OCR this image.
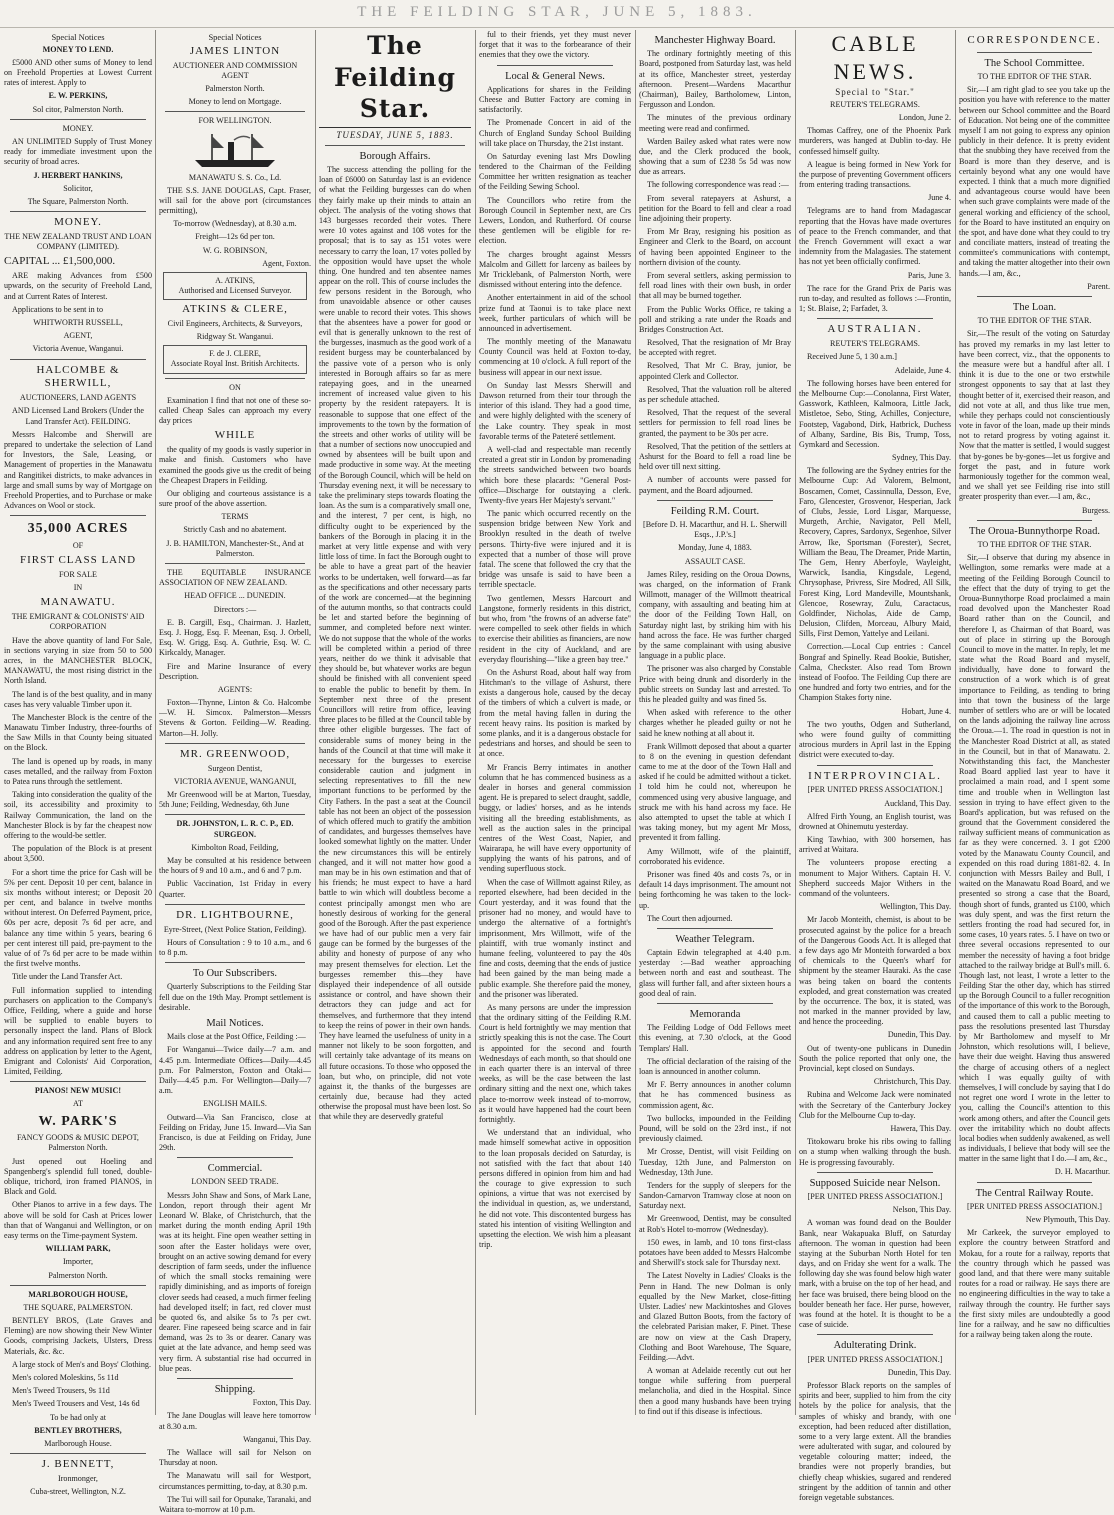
THE FEILDING STAR, JUNE 5, 1883.
Special Notices

MONEY TO LEND.

£5000 AND other sums of Money to lend on Freehold Properties at Lowest Current rates of interest. Apply to

E. W. PERKINS,

Sol citor, Palmerston North.

MONEY.

AN UNLIMITED Supply of Trust Money ready for immediate investment upon the security of broad acres.

J. HERBERT HANKINS,

Solicitor,

The Square, Palmerston North.

MONEY.

THE NEW ZEALAND TRUST AND LOAN COMPANY (LIMITED).

CAPITAL ... £1,500,000.

ARE making Advances from £500 upwards, on the security of Freehold Land, and at Current Rates of Interest.

Applications to be sent in to

WHITWORTH RUSSELL,

AGENT,

Victoria Avenue, Wanganui.

HALCOMBE & SHERWILL,

AUCTIONEERS, LAND AGENTS

AND Licensed Land Brokers (Under the Land Transfer Act). FEILDING.

Messrs Halcombe and Sherwill are prepared to undertake the selection of Land for Investors, the Sale, Leasing, or Management of properties in the Manawatu and Rangitikei districts, to make advances in large and small sums by way of Mortgage on Freehold Properties, and to Purchase or make Advances on Wool or stock.

35,000 ACRES

OF

FIRST CLASS LAND

FOR SALE

IN

MANAWATU.

THE EMIGRANT & COLONISTS' AID CORPORATION

Have the above quantity of land For Sale, in sections varying in size from 50 to 500 acres, in the MANCHESTER BLOCK, MANAWATU, the most rising district in the North Island.

The land is of the best quality, and in many cases has very valuable Timber upon it.

The Manchester Block is the centre of the Manawatu Timber Industry, three-fourths of the Saw Mills in that County being situated on the Block.

The land is opened up by roads, in many cases metalled, and the railway from Foxton to Patea runs through the settlement.

Taking into consideration the quality of the soil, its accessibility and proximity to Railway Communication, the land on the Manchester Block is by far the cheapest now offering to the would-be settler.

The population of the Block is at present about 3,500.

For a short time the price for Cash will be 5% per cent. Deposit 10 per cent, balance in six months without interest; or Deposit 20 per cent, and balance in twelve months without interest. On Deferred Payment, price, 60s per acre, deposit 7s 6d per acre, and balance any time within 5 years, bearing 6 per cent interest till paid, pre-payment to the value of of 7s 6d per acre to be made within the first twelve months.

Title under the Land Transfer Act.

Full information supplied to intending purchasers on application to the Company's Office, Feilding, where a guide and horse will be supplied to enable buyers to personally inspect the land. Plans of Block and any information required sent free to any address on application by letter to the Agent, Emigrant and Colonists' Aid Corporation, Limited, Feilding.

PIANOS! NEW MUSIC!

AT

W. PARK'S

FANCY GOODS & MUSIC DEPOT, Palmerston North.

Just opened out Hoeling and Spangenberg's splendid full toned, double-oblique, trichord, iron framed PIANOS, in Black and Gold.

Other Pianos to arrive in a few days. The above will be sold for Cash at Prices lower than that of Wanganui and Wellington, or on easy terms on the Time-payment System.

WILLIAM PARK,

Importer,

Palmerston North.

MARLBOROUGH HOUSE,

THE SQUARE, PALMERSTON.

BENTLEY BROS, (Late Graves and Fleming) are now showing their New Winter Goods, comprising Jackets, Ulsters, Dress Materials, &c. &c.

A large stock of Men's and Boys' Clothing.

Men's colored Moleskins, 5s 11d

Men's Tweed Trousers, 9s 11d

Men's Tweed Trousers and Vest, 14s 6d

To be had only at

BENTLEY BROTHERS,

Marlborough House.

J. BENNETT,

Ironmonger,

Cuba-street, Wellington, N.Z.

Special Notices
JAMES LINTON

AUCTIONEER AND COMMISSION AGENT

Palmerston North.

Money to lend on Mortgage.

FOR WELLINGTON.

MANAWATU S. S. Co., Ld.

THE S.S. JANE DOUGLAS, Capt. Fraser, will sail for the above port (circumstances permitting),

To-morrow (Wednesday), at 8.30 a.m.

Freight—12s 6d per ton.

W. G. ROBINSON,

Agent, Foxton.

A. ATKINS,
Authorised and Licensed Surveyor.
ATKINS & CLERE,

Civil Engineers, Architects, & Surveyors,

Ridgway St. Wanganui.

F. de J. CLERE,
Associate Royal Inst. British Architects.

ON

Examination I find that not one of these so-called Cheap Sales can approach my every day prices

WHILE

the quality of my goods is vastly superior in make and finish. Customers who have examined the goods give us the credit of being the Cheapest Drapers in Feilding.

Our obliging and courteous assistance is a sure proof of the above assertion.

TERMS

Strictly Cash and no abatement.

J. B. HAMILTON, Manchester-St., And at Palmerston.

THE EQUITABLE INSURANCE ASSOCIATION OF NEW ZEALAND.

HEAD OFFICE ... DUNEDIN.

Directors :—

E. B. Cargill, Esq., Chairman. J. Hazlett, Esq. J. Hogg, Esq. F. Meenan, Esq. J. Orbell, Esq. W. Grigg, Esq. A. Guthrie, Esq. W. C. Kirkcaldy, Manager.

Fire and Marine Insurance of every Description.

AGENTS:

Foxton—Thynne, Linton & Co. Halcombe—W. H. Simcox. Palmerston—Messrs Stevens & Gorton. Feilding—W. Reading. Marton—H. Jolly.

MR. GREENWOOD,

Surgeon Dentist,

VICTORIA AVENUE, WANGANUI,

Mr Greenwood will be at Marton, Tuesday, 5th June; Feilding, Wednesday, 6th June

DR. JOHNSTON, L. R. C. P., ED. SURGEON.

Kimbolton Road, Feilding,

May be consulted at his residence between the hours of 9 and 10 a.m., and 6 and 7 p.m.

Public Vaccination, 1st Friday in every Quarter.

DR. LIGHTBOURNE,

Eyre-Street, (Next Police Station, Feilding).

Hours of Consultation : 9 to 10 a.m., and 6 to 8 p.m.

To Our Subscribers.

Quarterly Subscriptions to the Feilding Star fell due on the 19th May. Prompt settlement is desirable.

Mail Notices.

Mails close at the Post Office, Feilding :—

For Wanganui—Twice daily—7 a.m. and 4.45 p.m. Intermediate Offices—Daily—4.45 p.m. For Palmerston, Foxton and Otaki—Daily—4.45 p.m. For Wellington—Daily—7 a.m.

ENGLISH MAILS.

Outward—Via San Francisco, close at Feilding on Friday, June 15. Inward—Via San Francisco, is due at Feilding on Friday, June 29th.

Commercial.

LONDON SEED TRADE.

Messrs John Shaw and Sons, of Mark Lane, London, report through their agent Mr Leonard W. Blake, of Christchurch, that the market during the month ending April 19th was at its height. Fine open weather setting in soon after the Easter holidays were over, brought on an active sowing demand for every description of farm seeds, under the influence of which the small stocks remaining were rapidly diminishing, and as imports of foreign clover seeds had ceased, a much firmer feeling had developed itself; in fact, red clover must be quoted 6s, and alsike 5s to 7s per cwt. dearer. Fine rapeseed being scarce and in fair demand, was 2s to 3s or dearer. Canary was quiet at the late advance, and hemp seed was very firm. A substantial rise had occurred in blue peas.

Shipping.

Foxton, This Day.

The Jane Douglas will leave here tomorrow at 8.30 a.m.

Wanganui, This Day.

The Wallace will sail for Nelson on Thursday at noon.

The Manawatu will sail for Westport, circumstances permitting, to-day, at 8.30 p.m.

The Tui will sail for Opunake, Taranaki, and Waitara to-morrow at 10 p.m.

The Feilding Star.
TUESDAY, JUNE 5, 1883.
Borough Affairs.

The success attending the polling for the loan of £6000 on Saturday last is an evidence of what the Feilding burgesses can do when they fairly make up their minds to attain an object. The analysis of the voting shows that 143 burgesses recorded their votes. There were 10 votes against and 108 votes for the proposal; that is to say as 151 votes were necessary to carry the loan, 17 votes polled by the opposition would have upset the whole thing. One hundred and ten absentee names appear on the roll. This of course includes the few persons resident in the Borough, who from unavoidable absence or other causes were unable to record their votes. This shows that the absentees have a power for good or evil that is generally unknown to the rest of the burgesses, inasmuch as the good work of a resident burgess may be counterbalanced by the passive vote of a person who is only interested in Borough affairs so far as mere ratepaying goes, and in the unearned increment of increased value given to his property by the resident ratepayers. It is reasonable to suppose that one effect of the improvements to the town by the formation of the streets and other works of utility will be that a number of sections now unoccupied and owned by absentees will be built upon and made productive in some way. At the meeting of the Borough Council, which will be held on Thursday evening next, it will be necessary to take the preliminary steps towards floating the loan. As the sum is a comparatively small one, and the interest, 7 per cent, is high, no difficulty ought to be experienced by the bankers of the Borough in placing it in the market at very little expense and with very little loss of time. In fact the Borough ought to be able to have a great part of the heavier works to be undertaken, well forward—as far as the specifications and other necessary parts of the work are concerned—at the beginning of the autumn months, so that contracts could be let and started before the beginning of summer, and completed before next winter. We do not suppose that the whole of the works will be completed within a period of three years, neither do we think it advisable that they should be, but whatever works are begun should be finished with all convenient speed to enable the public to benefit by them. In September next three of the present Councillors will retire from office, leaving three places to be filled at the Council table by three other eligible burgesses. The fact of considerable sums of money being in the hands of the Council at that time will make it necessary for the burgesses to exercise considerable caution and judgment in selecting representatives to fill the new important functions to be performed by the City Fathers. In the past a seat at the Council table has not been an object of the possession of which offered much to gratify the ambition of candidates, and burgesses themselves have looked somewhat lightly on the matter. Under the new circumstances this will be entirely changed, and it will not matter how good a man may be in his own estimation and that of his friends; he must expect to have a hard battle to win which will doubtless become a contest principally amongst men who are honestly desirous of working for the general good of the Borough. After the past experience we have had of our public men a very fair gauge can be formed by the burgesses of the ability and honesty of purpose of any who may present themselves for election. Let the burgesses remember this—they have displayed their independence of all outside assistance or control, and have shown their detractors they can judge and act for themselves, and furthermore that they intend to keep the reins of power in their own hands. They have learned the usefulness of unity in a manner not likely to be soon forgotten, and will certainly take advantage of its means on all future occasions. To those who opposed the loan, but who, on principle, did not vote against it, the thanks of the burgesses are certainly due, because had they acted otherwise the proposal must have been lost. So that while they are deservedly grateful

ful to their friends, yet they must never forget that it was to the forbearance of their enemies that they owe the victory.

Local & General News.

Applications for shares in the Feilding Cheese and Butter Factory are coming in satisfactorily.

The Promenade Concert in aid of the Church of England Sunday School Building will take place on Thursday, the 21st instant.

On Saturday evening last Mrs Dowling tendered to the Chairman of the Feilding Committee her written resignation as teacher of the Feilding Sewing School.

The Councillors who retire from the Borough Council in September next, are Crs Lewers, London, and Rutherford. Of course these gentlemen will be eligible for re-election.

The charges brought against Messrs Malcolm and Gillett for larceny as bailees by Mr Tricklebank, of Palmerston North, were dismissed without entering into the defence.

Another entertainment in aid of the school prize fund at Taonui is to take place next week, further particulars of which will be announced in advertisement.

The monthly meeting of the Manawatu County Council was held at Foxton to-day, commencing at 10 o'clock. A full report of the business will appear in our next issue.

On Sunday last Messrs Sherwill and Dawson returned from their tour through the interior of this island. They had a good time, and were highly delighted with the scenery of the Lake country. They speak in most favorable terms of the Pateteré settlement.

A well-clad and respectable man recently created a great stir in London by promenading the streets sandwiched between two boards which bore these placards: "General Post-office—Discharge for outstaying a clerk. Twenty-five years Her Majesty's servant."

The panic which occurred recently on the suspension bridge between New York and Brooklyn resulted in the death of twelve persons. Thirty-five were injured and it is expected that a number of those will prove fatal. The scene that followed the cry that the bridge was unsafe is said to have been a terrible spectacle.

Two gentlemen, Messrs Harcourt and Langstone, formerly residents in this district, but who, from "the frowns of an adverse fate" were compelled to seek other fields in which to exercise their abilities as financiers, are now resident in the city of Auckland, and are everyday flourishing—"like a green bay tree."

On the Ashurst Road, about half way from Hitchman's to the village of Ashurst, there exists a dangerous hole, caused by the decay of the timbers of which a culvert is made, or from the metal having fallen in during the recent heavy rains. Its position is marked by some planks, and it is a dangerous obstacle for pedestrians and horses, and should be seen to at once.

Mr Francis Berry intimates in another column that he has commenced business as a dealer in horses and general commission agent. He is prepared to select draught, saddle, buggy, or ladies' horses, and as he intends visiting all the breeding establishments, as well as the auction sales in the principal centres of the West Coast, Napier, and Wairarapa, he will have every opportunity of supplying the wants of his patrons, and of vending superfluous stock.

When the case of Willmott against Riley, as reported elsewhere, had been decided in the Court yesterday, and it was found that the prisoner had no money, and would have to undergo the alternative of a fortnight's imprisonment, Mrs Willmott, wife of the plaintiff, with true womanly instinct and humane feeling, volunteered to pay the 40s fine and costs, deeming that the ends of justice had been gained by the man being made a public example. She therefore paid the money, and the prisoner was liberated.

As many persons are under the impression that the ordinary sitting of the Feilding R.M. Court is held fortnightly we may mention that strictly speaking this is not the case. The Court is appointed for the second and fourth Wednesdays of each month, so that should one in each quarter there is an interval of three weeks, as will be the case between the last ordinary sitting and the next one, which takes place to-morrow week instead of to-morrow, as it would have happened had the court been fortnightly.

We understand that an individual, who made himself somewhat active in opposition to the loan proposals decided on Saturday, is not satisfied with the fact that about 140 persons differed in opinion from him and had the courage to give expression to such opinions, a virtue that was not exercised by the individual in question, as, we understand, he did not vote. This discontented burgess has stated his intention of visiting Wellington and upsetting the election. We wish him a pleasant trip.

Manchester Highway Board.

The ordinary fortnightly meeting of this Board, postponed from Saturday last, was held at its office, Manchester street, yesterday afternoon. Present—Wardens Macarthur (Chairman), Bailey, Bartholomew, Linton, Fergusson and London.

The minutes of the previous ordinary meeting were read and confirmed.

Warden Bailey asked what rates were now due, and the Clerk produced the book, showing that a sum of £238 5s 5d was now due as arrears.

The following correspondence was read :—

From several ratepayers at Ashurst, a petition for the Board to fell and clear a road line adjoining their property.

From Mr Bray, resigning his position as Engineer and Clerk to the Board, on account of having been appointed Engineer to the northern division of the county.

From several settlers, asking permission to fell road lines with their own bush, in order that all may be burned together.

From the Public Works Office, re taking a poll and striking a rate under the Roads and Bridges Construction Act.

Resolved, That the resignation of Mr Bray be accepted with regret.

Resolved, That Mr C. Bray, junior, be appointed Clerk and Collector.

Resolved, That the valuation roll be altered as per schedule attached.

Resolved, That the request of the several settlers for permission to fell road lines be granted, the payment to be 30s per acre.

Resolved, That the petition of the settlers at Ashurst for the Board to fell a road line be held over till next sitting.

A number of accounts were passed for payment, and the Board adjourned.

Feilding R.M. Court.

[Before D. H. Macarthur, and H. L. Sherwill Esqs., J.P.'s.]

Monday, June 4, 1883.

ASSAULT CASE.

James Riley, residing on the Oroua Downs, was charged, on the information of Frank Willmott, manager of the Willmott theatrical company, with assaulting and beating him at the door of the Feilding Town Hall, on Saturday night last, by striking him with his hand across the face. He was further charged by the same complainant with using abusive language in a public place.

The prisoner was also charged by Constable Price with being drunk and disorderly in the public streets on Sunday last and arrested. To this he pleaded guilty and was fined 5s.

When asked with reference to the other charges whether he pleaded guilty or not he said he knew nothing at all about it.

Frank Willmott deposed that about a quarter to 8 on the evening in question defendant came to me at the door of the Town Hall and asked if he could be admitted without a ticket. I told him he could not, whereupon he commenced using very abusive language, and struck me with his hand across my face. He also attempted to upset the table at which I was taking money, but my agent Mr Moss, prevented it from falling.

Amy Willmott, wife of the plaintiff, corroborated his evidence.

Prisoner was fined 40s and costs 7s, or in default 14 days imprisonment. The amount not being forthcoming he was taken to the lock-up.

The Court then adjourned.

Weather Telegram.

Captain Edwin telegraphed at 4.40 p.m. yesterday :—Bad weather approaching between north and east and southeast. The glass will further fall, and after sixteen hours a good deal of rain.

Memoranda

The Feilding Lodge of Odd Fellows meet this evening, at 7.30 o'clock, at the Good Templars' Hall.

The official declaration of the raising of the loan is announced in another column.

Mr F. Berry announces in another column that he has commenced business as commission agent, &c.

Two bullocks, impounded in the Feilding Pound, will be sold on the 23rd inst., if not previously claimed.

Mr Crosse, Dentist, will visit Feilding on Tuesday, 12th June, and Palmerston on Wednesday, 13th June.

Tenders for the supply of sleepers for the Sandon-Carnarvon Tramway close at noon on Saturday next.

Mr Greenwood, Dentist, may be consulted at Rob's Hotel to-morrow (Wednesday).

150 ewes, in lamb, and 10 tons first-class potatoes have been added to Messrs Halcombe and Sherwill's stock sale for Thursday next.

The Latest Novelty in Ladies' Cloaks is the Penn in Hand. The new Dolman is only equalled by the New Market, close-fitting Ulster. Ladies' new Mackintoshes and Gloves and Glazed Button Boots, from the factory of the celebrated Parisian maker, F. Pinet. These are now on view at the Cash Drapery, Clothing and Boot Warehouse, The Square, Feilding.—Advt.

A woman at Adelaide recently cut out her tongue while suffering from puerperal melancholia, and died in the Hospital. Since then a good many husbands have been trying to find out if this disease is infectious.

CABLE NEWS.
Special to "Star."

REUTER'S TELEGRAMS.

London, June 2.

Thomas Caffrey, one of the Phoenix Park murderers, was hanged at Dublin to-day. He confessed himself guilty.

A league is being formed in New York for the purpose of preventing Government officers from entering trading transactions.

June 4.

Telegrams are to hand from Madagascar reporting that the Hovas have made overtures of peace to the French commander, and that the French Government will exact a war indemnity from the Malagasies. The statement has not yet been officially confirmed.

Paris, June 3.

The race for the Grand Prix de Paris was run to-day, and resulted as follows :—Frontin, 1; St. Blaise, 2; Farfadet, 3.

AUSTRALIAN.

REUTER'S TELEGRAMS.

Received June 5, 1 30 a.m.]

Adelaide, June 4.

The following horses have been entered for the Melbourne Cup:—Conolanna, First Water, Gasswork, Kathleen, Kalmoora, Little Jack, Mistletoe, Sebo, Sting, Achilles, Conjecture, Footstep, Vagabond, Dirk, Hatbrick, Duchess of Albany, Sardine, Bis Bis, Trump, Toss, Gymkard and Secession.

Sydney, This Day.

The following are the Sydney entries for the Melbourne Cup: Ad Valorem, Belmont, Boscamen, Comet, Cassinnulla, Desson, Eve, Faro, Glencester, Grosvenor, Hesperian, Jack of Clubs, Jessie, Lord Lisgar, Marquesse, Murgeth, Archie, Navigator, Pell Mell, Recovery, Capres, Sardonyx, Segenhoe, Silver Arrow, Ike, Sportsman (Forester), Secret, William the Beau, The Dreamer, Pride Martin, The Gem, Henry Aberfoyle, Wayleight, Warwick, Isandia, Kingsdale, Legend, Chrysophase, Privress, Sire Modred, All Silk, Forest King, Lord Mandeville, Mountshank, Glencoe, Rosewray, Zulu, Caractacus, Goldfinder, Nicholas, Aide de Camp, Delusion, Clifden, Morceau, Albury Maid, Sills, First Demon, Yattelye and Leilani.

Correction.—Local Cup entries : Cancel Bongraf and Spinelly. Read Bookie, Butisher, Calma, Checkster. Also read Tom Brown instead of Foofoo. The Feilding Cup there are one hundred and forty two entries, and for the Champion Stakes forty nine.

Hobart, June 4.

The two youths, Odgen and Sutherland, who were found guilty of committing atrocious murders in April last in the Epping district were executed to-day.

INTERPROVINCIAL.

[PER UNITED PRESS ASSOCIATION.]

Auckland, This Day.

Alfred Firth Young, an English tourist, was drowned at Ohinemutu yesterday.

King Tawhiao, with 300 horsemen, has arrived at Waitara.

The volunteers propose erecting a monument to Major Withers. Captain H. V. Shepherd succeeds Major Withers in the command of the volunteers.

Wellington, This Day.

Mr Jacob Monteith, chemist, is about to be prosecuted against by the police for a breach of the Dangerous Goods Act. It is alleged that a few days ago Mr Monteith forwarded a box of chemicals to the Queen's wharf for shipment by the steamer Hauraki. As the case was being taken on board the contents exploded, and great consternation was created by the occurrence. The box, it is stated, was not marked in the manner provided by law, and hence the proceeding.

Dunedin, This Day.

Out of twenty-one publicans in Dunedin South the police reported that only one, the Provincial, kept closed on Sundays.

Christchurch, This Day.

Rubina and Welcome Jack were nominated with the Secretary of the Canterbury Jockey Club for the Melbourne Cup to-day.

Hawera, This Day.

Titokowaru broke his ribs owing to falling on a stump when walking through the bush. He is progressing favourably.

Supposed Suicide near Nelson.

[PER UNITED PRESS ASSOCIATION.]

Nelson, This Day.

A woman was found dead on the Boulder Bank, near Wakapuaka Bluff, on Saturday afternoon. The woman in question had been staying at the Suburban North Hotel for ten days, and on Friday she went for a walk. The following day she was found below high water mark, with a bruise on the top of her head, and her face was bruised, there being blood on the boulder beneath her face. Her purse, however, was found at the hotel. It is thought to be a case of suicide.

Adulterating Drink.

[PER UNITED PRESS ASSOCIATION.]

Dunedin, This Day.

Professor Black reports on the samples of spirits and beer, supplied to him from the city hotels by the police for analysis, that the samples of whisky and brandy, with one exception, had been reduced after distillation, some to a very large extent. All the brandies were adulterated with sugar, and coloured by vegetable colouring matter; indeed, the brandies were not properly brandies, but chiefly cheap whiskies, sugared and rendered stringent by the addition of tannin and other foreign vegetable substances.

CORRESPONDENCE.
The School Committee.

TO THE EDITOR OF THE STAR.

Sir,—I am right glad to see you take up the position you have with reference to the matter between our School committee and the Board of Education. Not being one of the committee myself I am not going to express any opinion publicly in their defence. It is pretty evident that the snubbing they have received from the Board is more than they deserve, and is certainly beyond what any one would have expected. I think that a much more dignified and advantageous course would have been when such grave complaints were made of the general working and efficiency of the school, for the Board to have instituted an enquiry on the spot, and have done what they could to try and conciliate matters, instead of treating the committee's communications with contempt, and taking the matter altogether into their own hands.—I am, &c.,

Parent.

The Loan.

TO THE EDITOR OF THE STAR.

Sir,—The result of the voting on Saturday has proved my remarks in my last letter to have been correct, viz., that the opponents to the measure were but a handful after all. I think it is due to the one or two erstwhile strongest opponents to say that at last they thought better of it, exercised their reason, and did not vote at all, and thus like true men, while they perhaps could not conscientiously vote in favor of the loan, made up their minds not to retard progress by voting against it. Now that the matter is settled, I would suggest that by-gones be by-gones—let us forgive and forget the past, and in future work harmoniously together for the common weal, and we shall yet see Feilding rise into still greater prosperity than ever.—I am, &c.,

Burgess.

The Oroua-Bunnythorpe Road.

TO THE EDITOR OF THE STAR.

Sir,—I observe that during my absence in Wellington, some remarks were made at a meeting of the Feilding Borough Council to the effect that the duty of trying to get the Oroua-Bunnythorpe Road proclaimed a main road devolved upon the Manchester Road Board rather than on the Council, and therefore I, as Chairman of that Board, was out of place in stirring up the Borough Council to move in the matter. In reply, let me state what the Road Board and myself, individually, have done to forward the construction of a work which is of great importance to Feilding, as tending to bring into that town the business of the large number of settlers who are or will be located on the lands adjoining the railway line across the Oroua.—1. The road in question is not in the Manchester Road District at all, as stated in the Council, but in that of Manawatu. 2. Notwithstanding this fact, the Manchester Road Board applied last year to have it proclaimed a main road, and I spent some time and trouble when in Wellington last session in trying to have effect given to the Board's application, but was refused on the ground that the Government considered the railway sufficient means of communication as far as they were concerned. 3. I got £200 voted by the Manawatu County Council, and expended on this road during 1881-82. 4. In conjunction with Messrs Bailey and Bull, I waited on the Manawatu Road Board, and we presented so strong a case that the Board, though short of funds, granted us £100, which was duly spent, and was the first return the settlers fronting the road had secured for, in some cases, 10 years rates. 5. I have on two or three several occasions represented to our member the necessity of having a foot bridge attached to the railway bridge at Bull's mill. 6. Though last, not least, I wrote a letter to the Feilding Star the other day, which has stirred up the Borough Council to a fuller recognition of the importance of this work to the Borough, and caused them to call a public meeting to pass the resolutions presented last Thursday by Mr Bartholomew and myself to Mr Johnston, which resolutions will, I believe, have their due weight. Having thus answered the charge of accusing others of a neglect which I was equally guilty of with themselves, I will conclude by saying that I do not regret one word I wrote in the letter to you, calling the Council's attention to this work among others, and after the Council gets over the irritability which no doubt affects local bodies when suddenly awakened, as well as individuals, I believe that body will see the matter in the same light that I do.—I am, &c.,

D. H. Macarthur.

The Central Railway Route.

[PER UNITED PRESS ASSOCIATION.]

New Plymouth, This Day.

Mr Carkeek, the surveyor employed to explore the country between Stratford and Mokau, for a route for a railway, reports that the country through which he passed was good land, and that there were many suitable routes for a road or railway. He says there are no engineering difficulties in the way to take a railway through the country. He further says the first sixty miles are undoubtedly a good line for a railway, and he saw no difficulties for a railway being taken along the route.
